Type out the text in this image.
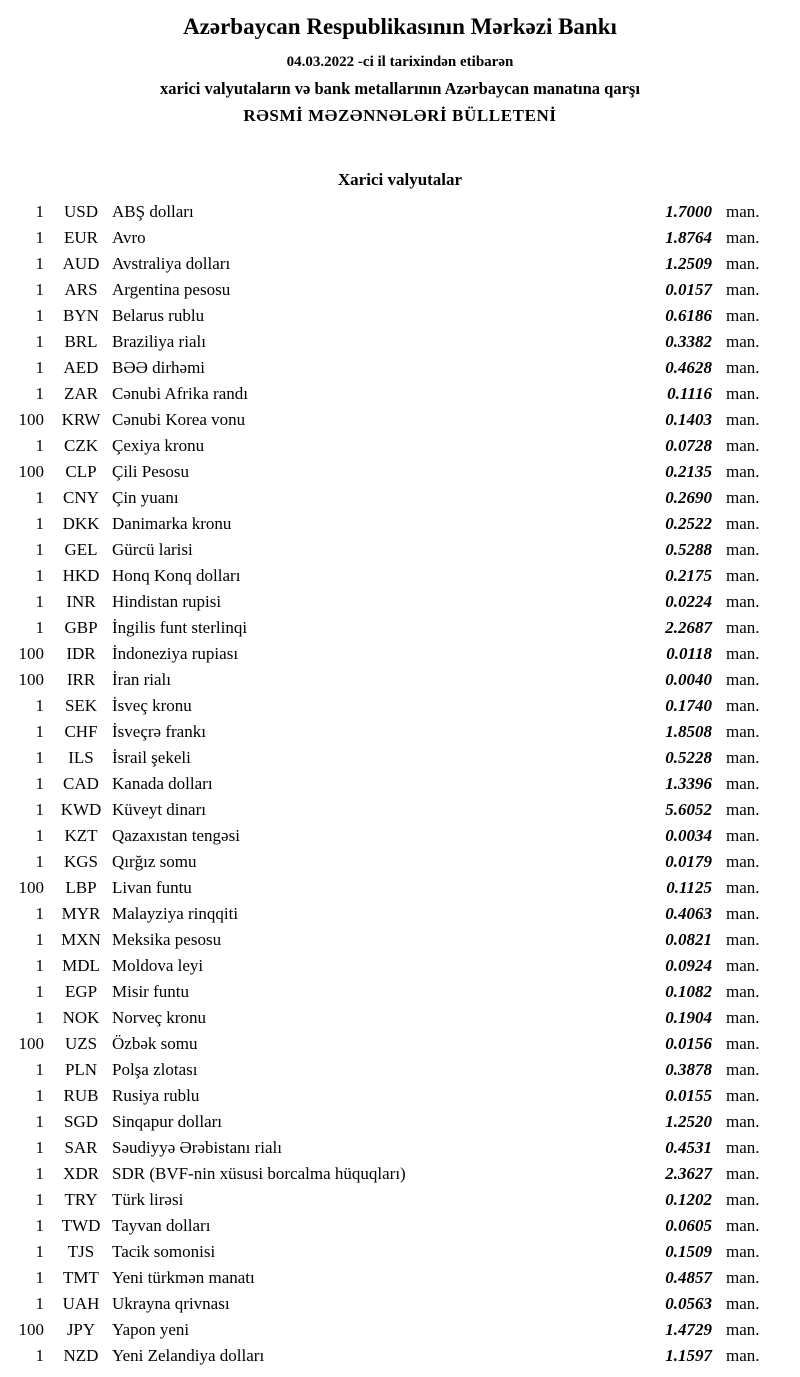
Azərbaycan Respublikasının Mərkəzi Bankı
04.03.2022 -ci il tarixindən etibarən
xarici valyutaların və bank metallarının Azərbaycan manatına qarşı
RƏSMİ MƏZƏNNƏLƏRİ BÜLLETENİ
Xarici valyutalar
1	USD ABŞ dolları	1.7000 man.
1	EUR Avro	1.8764 man.
1	AUD Avstraliya dolları	1.2509 man.
1	ARS Argentina pesosu	0.0157 man.
1	BYN Belarus rublu	0.6186 man.
1	BRL Braziliya rialı	0.3382 man.
1	AED BƏƏ dirhəmi	0.4628 man.
1	ZAR Cənubi Afrika randı	0.1116 man.
100	KRW Cənubi Korea vonu	0.1403 man.
1	CZK Çexiya kronu	0.0728 man.
100	CLP Çili Pesosu	0.2135 man.
1	CNY Çin yuanı	0.2690 man.
1	DKK Danimarka kronu	0.2522 man.
1	GEL Gürcü larisi	0.5288 man.
1	HKD Honq Konq dolları	0.2175 man.
1	INR Hindistan rupisi	0.0224 man.
1	GBP İngilis funt sterlinqi	2.2687 man.
100	IDR İndoneziya rupiası	0.0118 man.
100	IRR İran rialı	0.0040 man.
1	SEK İsveç kronu	0.1740 man.
1	CHF İsveçrə frankı	1.8508 man.
1	ILS	İsrail şekeli	0.5228 man.
1	CAD Kanada dolları	1.3396 man.
1 KWD Küveyt dinarı	5.6052 man.
1	KZT Qazaxıstan tengəsi	0.0034 man.
1	KGS Qırğız somu	0.0179 man.
100	LBP Livan funtu	0.1125 man.
1	MYR Malayziya rinqqiti	0.4063 man.
1	MXN Meksika pesosu	0.0821 man.
1	MDL Moldova leyi	0.0924 man.
1	EGP Misir funtu	0.1082 man.
1	NOK Norveç kronu	0.1904 man.
100	UZS Özbək somu	0.0156 man.
1	PLN Polşa zlotası	0.3878 man.
1	RUB Rusiya rublu	0.0155 man.
1	SGD Sinqapur dolları	1.2520 man.
1	SAR Səudiyyə Ərəbistanı rialı	0.4531 man.
1	XDR SDR (BVF-nin xüsusi borcalma hüquqları)	2.3627 man.
1	TRY Türk lirəsi	0.1202 man.
1	TWD Tayvan dolları	0.0605 man.
1	TJS	Tacik somonisi	0.1509 man.
1	TMT Yeni türkmən manatı	0.4857 man.
1	UAH Ukrayna qrivnası	0.0563 man.
100	JPY Yapon yeni	1.4729 man.
1	NZD Yeni Zelandiya dolları	1.1597 man.
